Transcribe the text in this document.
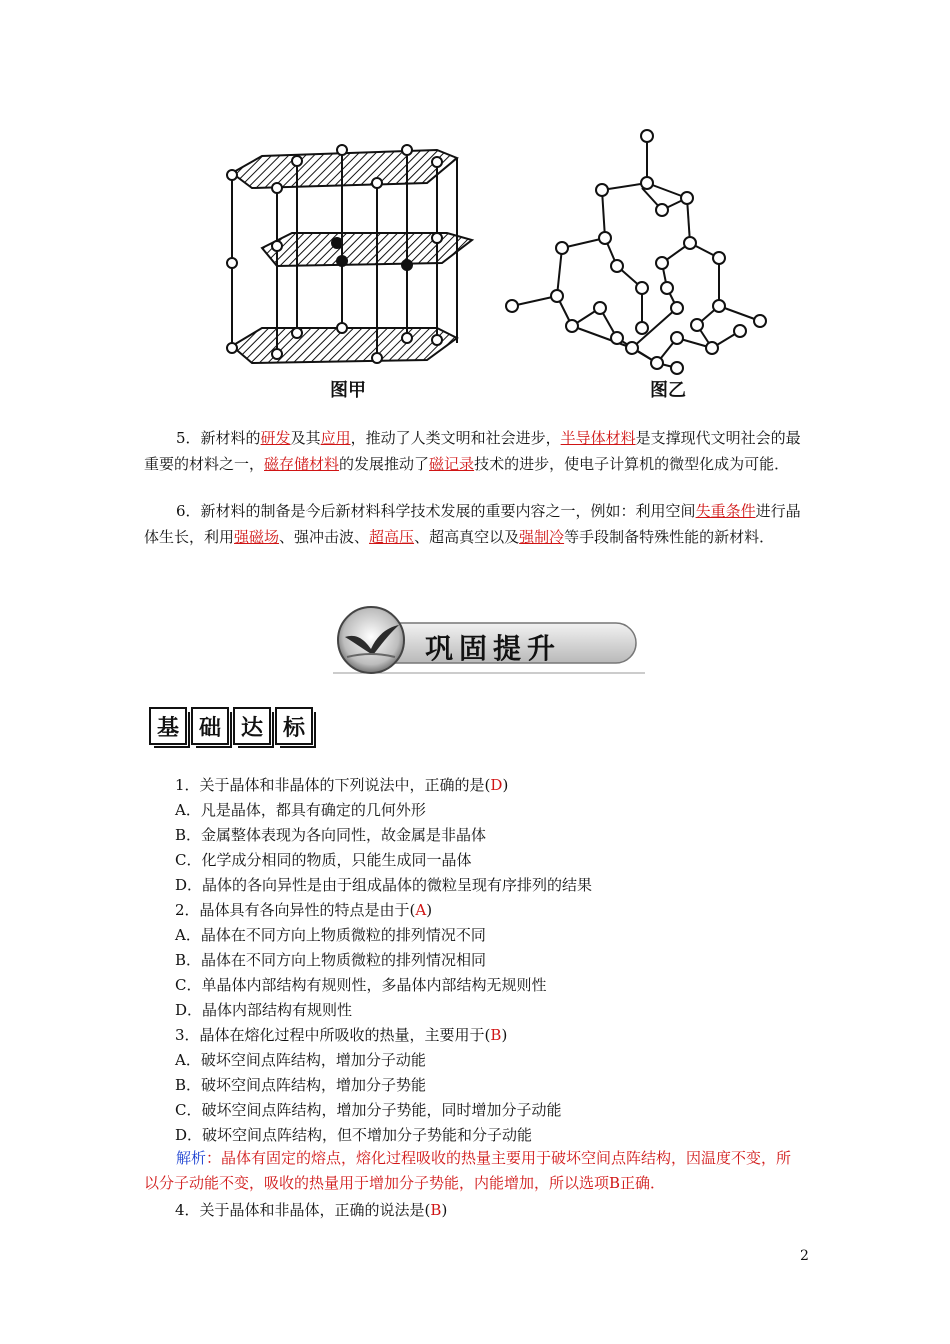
图甲	图乙
5．新材料的研发及其应用，推动了人类文明和社会进步，半导体材料是支撑现代文明社会的最重要的材料之一，磁存储材料的发展推动了磁记录技术的进步，使电子计算机的微型化成为可能．
6．新材料的制备是今后新材料科学技术发展的重要内容之一，例如：利用空间失重条件进行晶体生长，利用强磁场、强冲击波、超高压、超高真空以及强制冷等手段制备特殊性能的新材料．
巩固提升
基 础 达 标
1．关于晶体和非晶体的下列说法中，正确的是(D)
A．凡是晶体，都具有确定的几何外形
B．金属整体表现为各向同性，故金属是非晶体
C．化学成分相同的物质，只能生成同一晶体
D．晶体的各向异性是由于组成晶体的微粒呈现有序排列的结果
2．晶体具有各向异性的特点是由于(A)
A．晶体在不同方向上物质微粒的排列情况不同
B．晶体在不同方向上物质微粒的排列情况相同
C．单晶体内部结构有规则性，多晶体内部结构无规则性
D．晶体内部结构有规则性
3．晶体在熔化过程中所吸收的热量，主要用于(B)
A．破坏空间点阵结构，增加分子动能
B．破坏空间点阵结构，增加分子势能
C．破坏空间点阵结构，增加分子势能，同时增加分子动能
D．破坏空间点阵结构，但不增加分子势能和分子动能
解析：晶体有固定的熔点，熔化过程吸收的热量主要用于破坏空间点阵结构，因温度不变，所以分子动能不变，吸收的热量用于增加分子势能，内能增加，所以选项B正确．
4．关于晶体和非晶体，正确的说法是(B)
2
